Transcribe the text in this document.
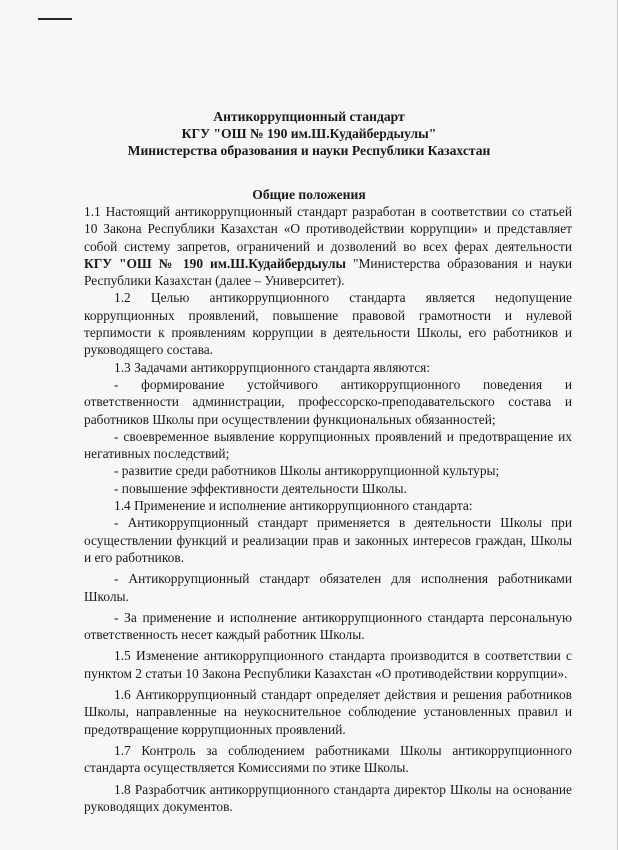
Антикоррупционный стандарт
КГУ "ОШ № 190 им.Ш.Кудайбердыулы"
Министерства образования и науки Республики Казахстан
Общие положения

1.1 Настоящий антикоррупционный стандарт разработан в соответствии со статьей 10 Закона Республики Казахстан «О противодействии коррупции» и представляет собой систему запретов, ограничений и дозволений во всех ферах деятельности КГУ "ОШ № 190 им.Ш.Кудайбердыулы "Министерства образования и науки Республики Казахстан (далее – Университет).

1.2 Целью антикоррупционного стандарта является недопущение коррупционных проявлений, повышение правовой грамотности и нулевой терпимости к проявлениям коррупции в деятельности Школы, его работников и руководящего состава.

1.3 Задачами антикоррупционного стандарта являются:

- формирование устойчивого антикоррупционного поведения и ответственности администрации, профессорско-преподавательского состава и работников Школы при осуществлении функциональных обязанностей;

- своевременное выявление коррупционных проявлений и предотвращение их негативных последствий;

- развитие среди работников Школы антикоррупционной культуры;

- повышение эффективности деятельности Школы.

1.4 Применение и исполнение антикоррупционного стандарта:

- Антикоррупционный стандарт применяется в деятельности Школы при осуществлении функций и реализации прав и законных интересов граждан, Школы и его работников.

- Антикоррупционный стандарт обязателен для исполнения работниками Школы.

- За применение и исполнение антикоррупционного стандарта персональную ответственность несет каждый работник Школы.

1.5 Изменение антикоррупционного стандарта производится в соответствии с пунктом 2 статьи 10 Закона Республики Казахстан «О противодействии коррупции».

1.6 Антикоррупционный стандарт определяет действия и решения работников Школы, направленные на неукоснительное соблюдение установленных правил и предотвращение коррупционных проявлений.

1.7 Контроль за соблюдением работниками Школы антикоррупционного стандарта осуществляется Комиссиями по этике Школы.

1.8 Разработчик антикоррупционного стандарта директор Школы на основание руководящих документов.
